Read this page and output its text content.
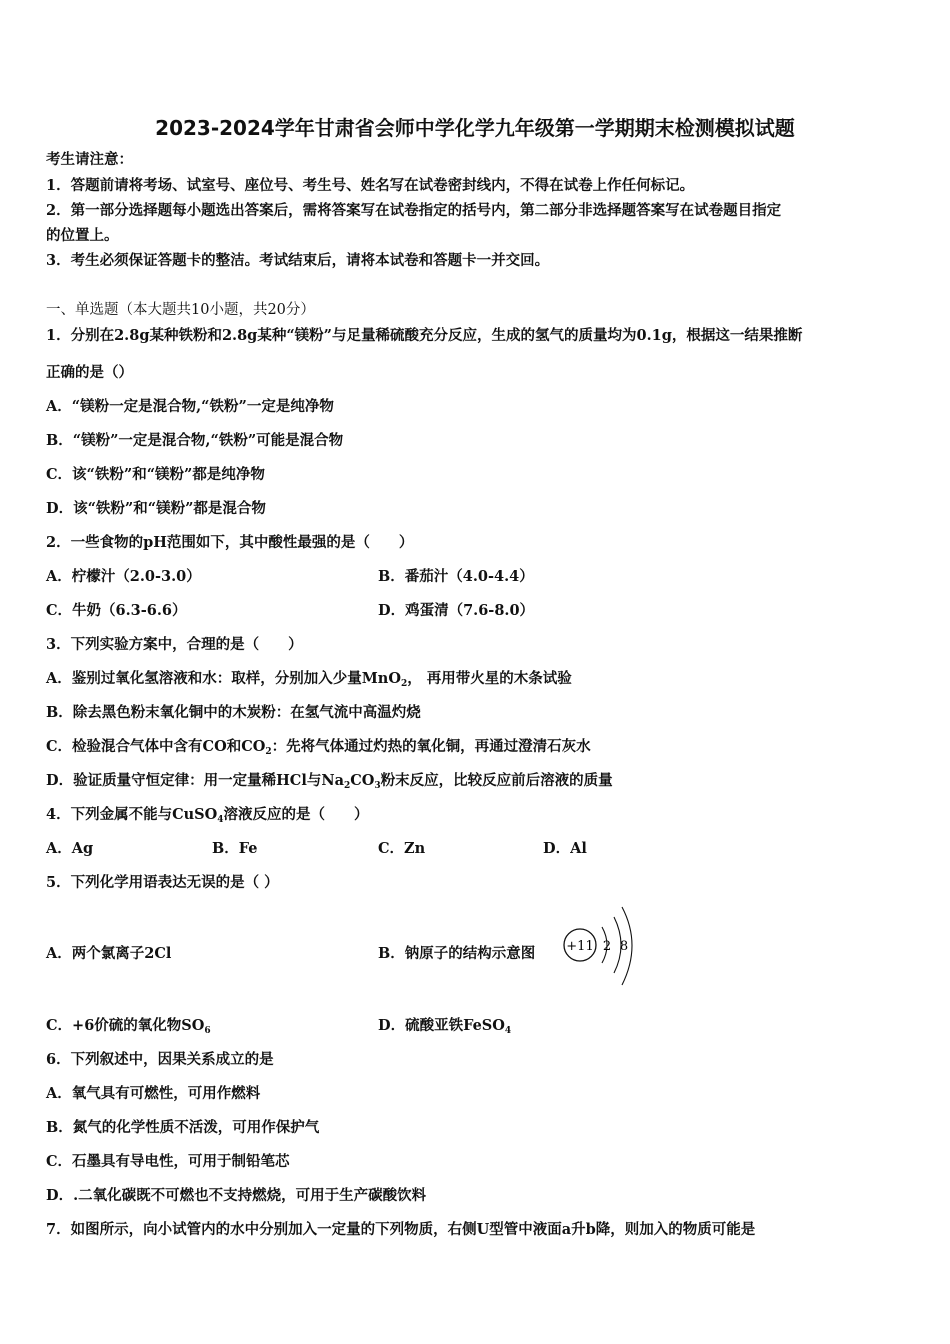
2023-2024学年甘肃省会师中学化学九年级第一学期期末检测模拟试题
考生请注意：
1．答题前请将考场、试室号、座位号、考生号、姓名写在试卷密封线内，不得在试卷上作任何标记。
2．第一部分选择题每小题选出答案后，需将答案写在试卷指定的括号内，第二部分非选择题答案写在试卷题目指定
的位置上。
3．考生必须保证答题卡的整洁。考试结束后，请将本试卷和答题卡一并交回。
一、单选题（本大题共10小题，共20分）
1．分别在2.8g某种铁粉和2.8g某种“镁粉”与足量稀硫酸充分反应，生成的氢气的质量均为0.1g，根据这一结果推断
正确的是（）
A．“镁粉一定是混合物,“铁粉”一定是纯净物
B．“镁粉”一定是混合物,“铁粉”可能是混合物
C．该“铁粉”和“镁粉”都是纯净物
D．该“铁粉”和“镁粉”都是混合物
2．一些食物的pH范围如下，其中酸性最强的是（　　）
A．柠檬汁（2.0-3.0）	B．番茄汁（4.0-4.4）
C．牛奶（6.3-6.6）	D．鸡蛋清（7.6-8.0）
3．下列实验方案中，合理的是（　　）
A．鉴别过氧化氢溶液和水：取样，分别加入少量MnO$_2$， 再用带火星的木条试验
B．除去黑色粉末氧化铜中的木炭粉：在氢气流中高温灼烧
C．检验混合气体中含有CO和$CO_2$：先将气体通过灼热的氧化铜，再通过澄清石灰水
D．验证质量守恒定律：用一定量稀HCl与$Na_2CO_3$粉末反应，比较反应前后溶液的质量
4．下列金属不能与CuSO$_4$溶液反应的是（　　）
A．Ag	B．Fe	C．Zn	D．Al
5．下列化学用语表达无误的是（ ）
A．两个氯离子2Cl	B．钠原子的结构示意图 +11 2 8
C．+6价硫的氧化物$SO_6$	D．硫酸亚铁FeSO$_4$
6．下列叙述中，因果关系成立的是
A．氧气具有可燃性，可用作燃料
B．氮气的化学性质不活泼，可用作保护气
C．石墨具有导电性，可用于制铅笔芯
D．.二氧化碳既不可燃也不支持燃烧，可用于生产碳酸饮料
7．如图所示，向小试管内的水中分别加入一定量的下列物质，右侧U型管中液面a升b降，则加入的物质可能是
